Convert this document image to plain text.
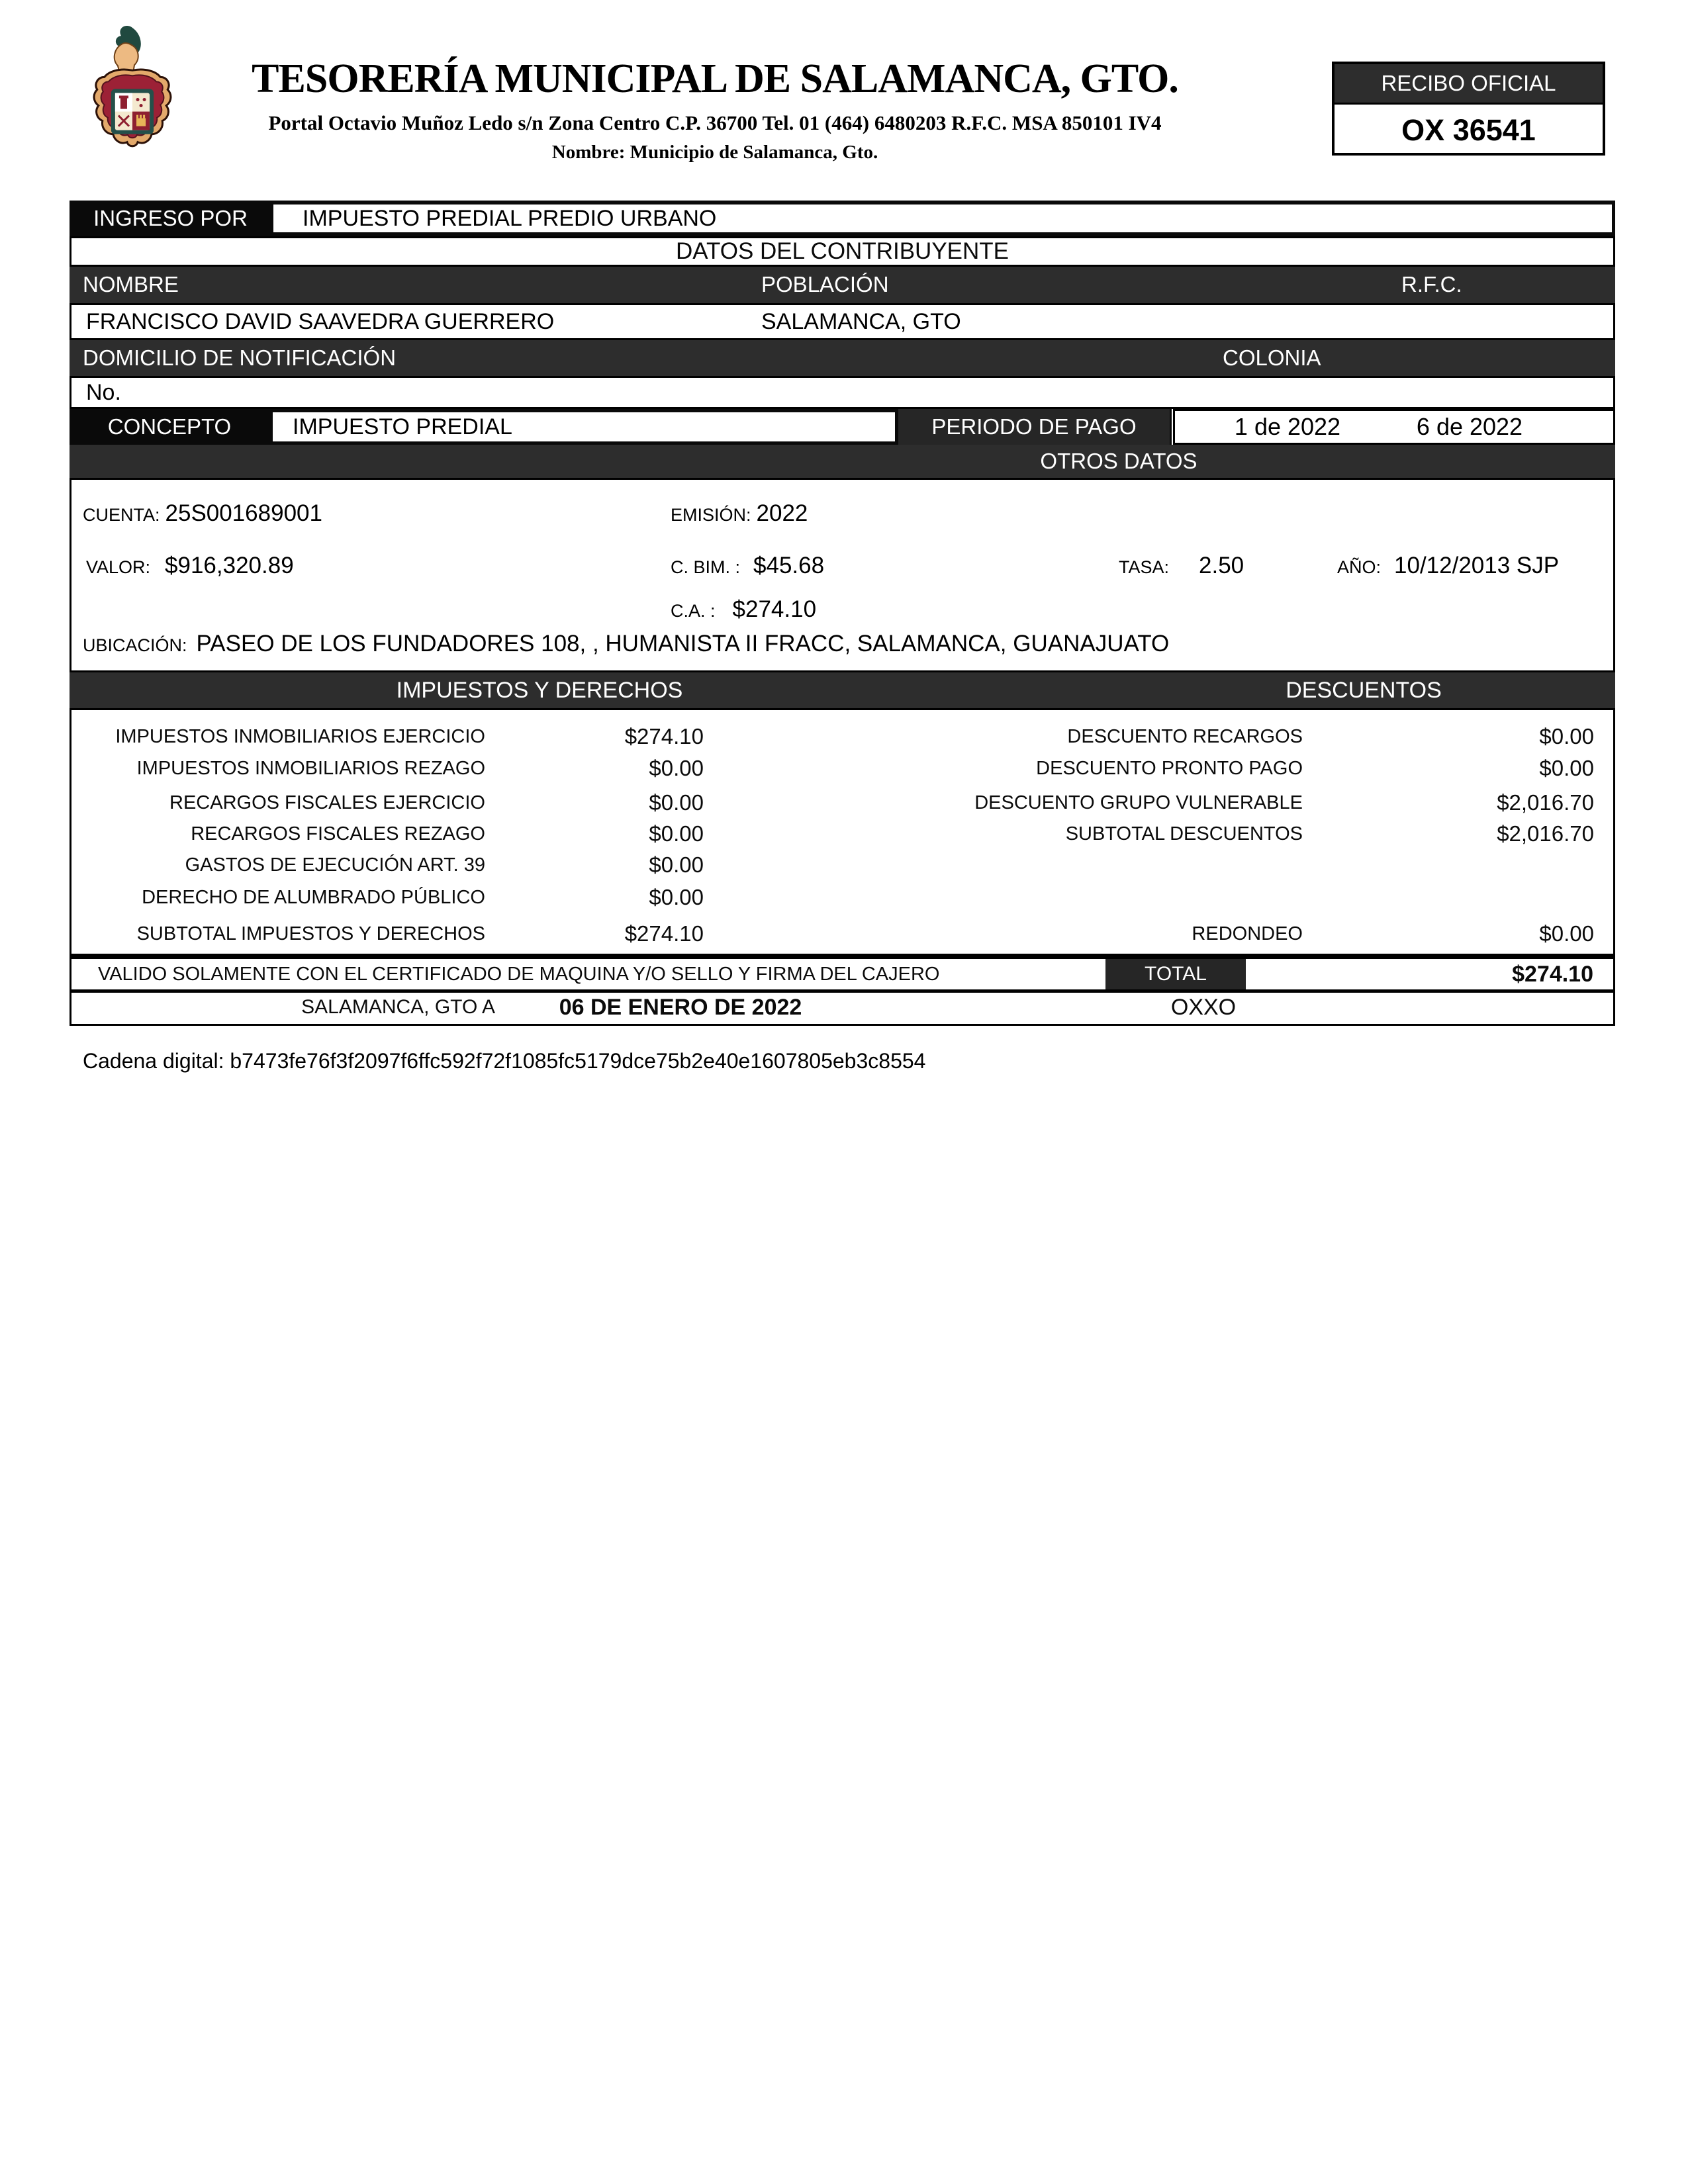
TESORERÍA MUNICIPAL DE SALAMANCA, GTO.
Portal Octavio Muñoz Ledo s/n Zona Centro C.P. 36700 Tel. 01 (464) 6480203 R.F.C. MSA 850101 IV4
Nombre: Municipio de Salamanca, Gto.
RECIBO OFICIAL
OX 36541
INGRESO POR	IMPUESTO PREDIAL PREDIO URBANO
DATOS DEL CONTRIBUYENTE
NOMBRE	POBLACIÓN	R.F.C.
FRANCISCO DAVID SAAVEDRA GUERRERO	SALAMANCA, GTO
DOMICILIO DE NOTIFICACIÓN	COLONIA
No.
CONCEPTO	IMPUESTO PREDIAL	PERIODO DE PAGO	1 de 2022	6 de 2022
OTROS DATOS
CUENTA: 25S001689001	EMISIÓN: 2022
VALOR: $916,320.89	C. BIM. : $45.68	TASA: 2.50	AÑO: 10/12/2013 SJP
C.A. : $274.10
UBICACIÓN: PASEO DE LOS FUNDADORES 108, , HUMANISTA II FRACC, SALAMANCA, GUANAJUATO
IMPUESTOS Y DERECHOS	DESCUENTOS
IMPUESTOS INMOBILIARIOS EJERCICIO	$274.10	DESCUENTO RECARGOS	$0.00
IMPUESTOS INMOBILIARIOS REZAGO	$0.00	DESCUENTO PRONTO PAGO	$0.00
RECARGOS FISCALES EJERCICIO	$0.00	DESCUENTO GRUPO VULNERABLE	$2,016.70
RECARGOS FISCALES REZAGO	$0.00	SUBTOTAL DESCUENTOS	$2,016.70
GASTOS DE EJECUCIÓN ART. 39	$0.00
DERECHO DE ALUMBRADO PÚBLICO	$0.00
SUBTOTAL IMPUESTOS Y DERECHOS	$274.10	REDONDEO	$0.00
VALIDO SOLAMENTE CON EL CERTIFICADO DE MAQUINA Y/O SELLO Y FIRMA DEL CAJERO	TOTAL	$274.10
SALAMANCA, GTO A	06 DE ENERO DE 2022	OXXO
Cadena digital: b7473fe76f3f2097f6ffc592f72f1085fc5179dce75b2e40e1607805eb3c8554
